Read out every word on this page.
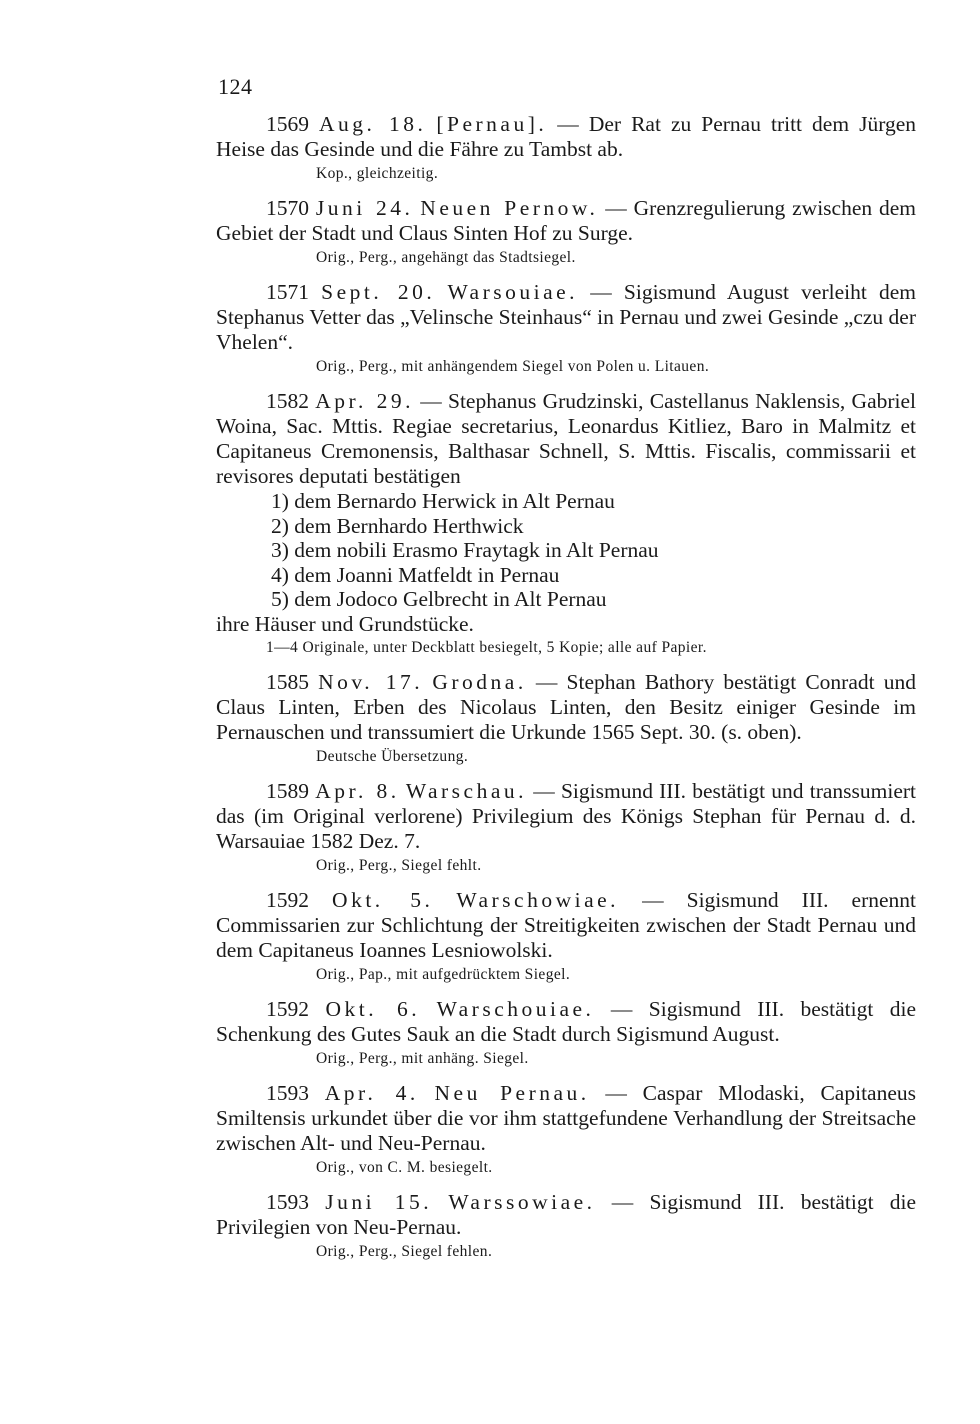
124

1569 Aug. 18. [Pernau]. — Der Rat zu Pernau tritt dem Jürgen Heise das Gesinde und die Fähre zu Tambst ab.

Kop., gleichzeitig.

1570 Juni 24. Neuen Pernow. — Grenzregulierung zwischen dem Gebiet der Stadt und Claus Sinten Hof zu Surge.

Orig., Perg., angehängt das Stadtsiegel.

1571 Sept. 20. Warsouiae. — Sigismund August verleiht dem Stephanus Vetter das „Velinsche Steinhaus“ in Pernau und zwei Gesinde „czu der Vhelen“.

Orig., Perg., mit anhängendem Siegel von Polen u. Litauen.

1582 Apr. 29. — Stephanus Grudzinski, Castellanus Naklensis, Gabriel Woina, Sac. Mttis. Regiae secretarius, Leonardus Kitliez, Baro in Malmitz et Capitaneus Cremonensis, Balthasar Schnell, S. Mttis. Fiscalis, commissarii et revisores deputati bestätigen

1) dem Bernardo Herwick in Alt Pernau
2) dem Bernhardo Herthwick
3) dem nobili Erasmo Fraytagk in Alt Pernau
4) dem Joanni Matfeldt in Pernau
5) dem Jodoco Gelbrecht in Alt Pernau

ihre Häuser und Grundstücke.

1—4 Originale, unter Deckblatt besiegelt, 5 Kopie; alle auf Papier.

1585 Nov. 17. Grodna. — Stephan Bathory bestätigt Conradt und Claus Linten, Erben des Nicolaus Linten, den Besitz einiger Gesinde im Pernauschen und transsumiert die Urkunde 1565 Sept. 30. (s. oben).

Deutsche Übersetzung.

1589 Apr. 8. Warschau. — Sigismund III. bestätigt und transsumiert das (im Original verlorene) Privilegium des Königs Stephan für Pernau d. d. Warsauiae 1582 Dez. 7.

Orig., Perg., Siegel fehlt.

1592 Okt. 5. Warschowiae. — Sigismund III. ernennt Commissarien zur Schlichtung der Streitigkeiten zwischen der Stadt Pernau und dem Capitaneus Ioannes Lesniowolski.

Orig., Pap., mit aufgedrücktem Siegel.

1592 Okt. 6. Warschouiae. — Sigismund III. bestätigt die Schenkung des Gutes Sauk an die Stadt durch Sigismund August.

Orig., Perg., mit anhäng. Siegel.

1593 Apr. 4. Neu Pernau. — Caspar Mlodaski, Capitaneus Smiltensis urkundet über die vor ihm stattgefundene Verhandlung der Streitsache zwischen Alt- und Neu-Pernau.

Orig., von C. M. besiegelt.

1593 Juni 15. Warssowiae. — Sigismund III. bestätigt die Privilegien von Neu-Pernau.

Orig., Perg., Siegel fehlen.
